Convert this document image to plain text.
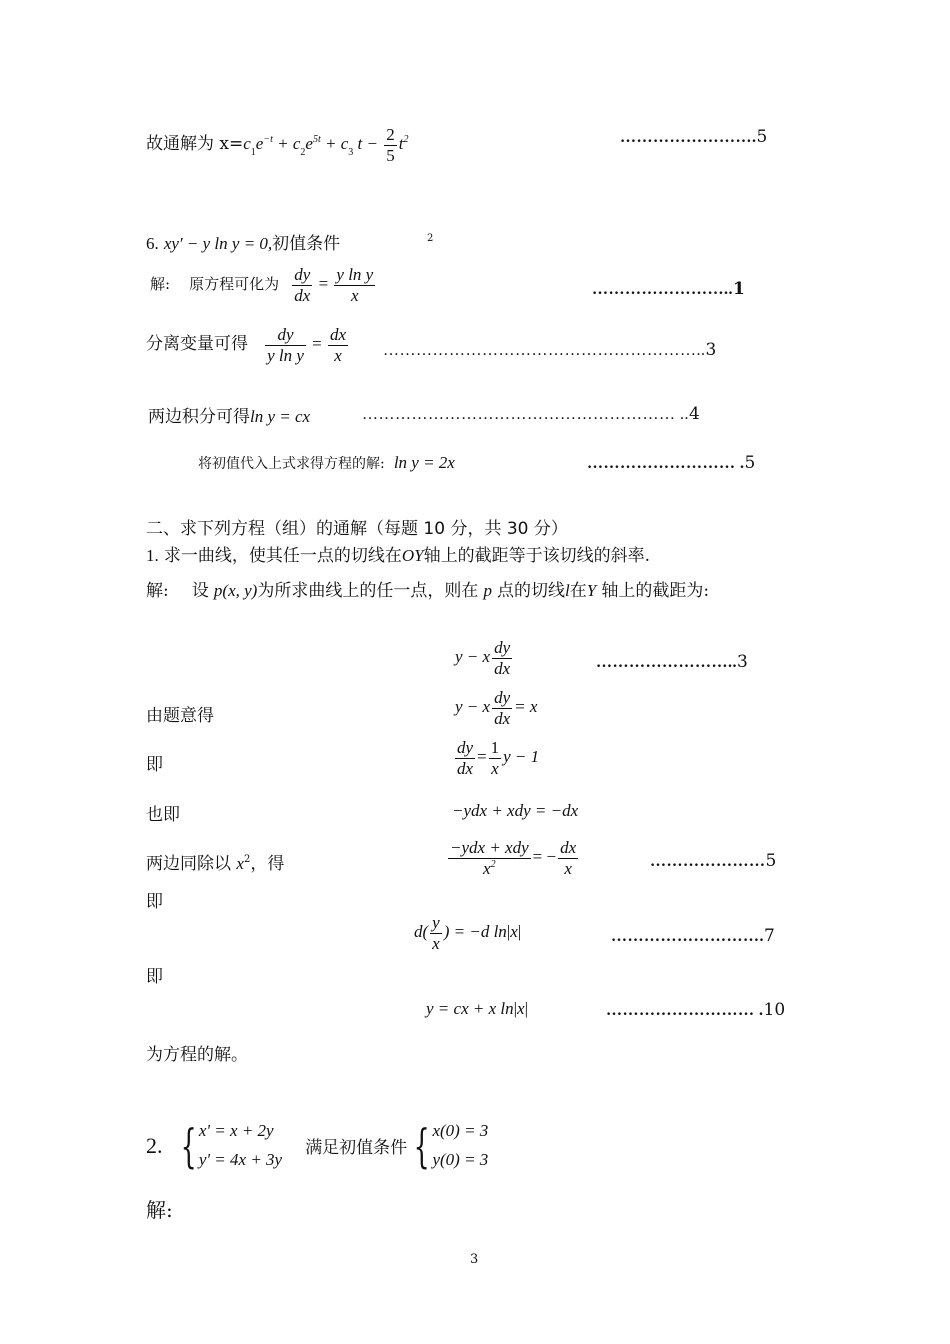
故通解为 $x=c_1e^{-t} + c_2e^{5t} + c_3$ $t - \frac{2}{5} t^2$	…………………….5
6. xy′ − y ln y = 0,初值条件	2
解: 原方程可化为 $\frac{dy}{dx} = \frac{\text{y ln y}}{x}$	……………………..1
分离变量可得 $\frac{dy}{\text{y ln y}} = \frac{dx}{x}$ …………………………………………………..3
两边积分可得ln y = cx	………………………………………………… ..4
将初值代入上式求得方程的解: ln y = 2x	……………………… .5
二、求下列方程（组）的通解（每题 10 分，共 30 分）
1. 求一曲线，使其任一点的切线在OY轴上的截距等于该切线的斜率.
解: 设 p(x, y)为所求曲线上的任一点，则在 p 点的切线l在Y 轴上的截距为:
y − x $\frac{dy}{dx}$	……………………..3
由题意得	y − x $\frac{dy}{dx} = x$
即	$\frac{dy}{dx} = \frac{1}{x}$ y − 1
也即	−ydx + xdy = −dx
两边同除以 $x^2$，得	$\frac{\text{−ydx + xdy}}{x^2}$ = − $\frac{dx}{x}$	…………………5
即
$d( \frac{y}{x}$ ) = −d ln|x|	……………………….7
即
y = cx + x ln|x|	……………………… .10
为方程的解。
2. { x' = x + 2y
y' = 4x + 3y
满足初值条件 { x(0) = 3
y(0) = 3
解:
3
